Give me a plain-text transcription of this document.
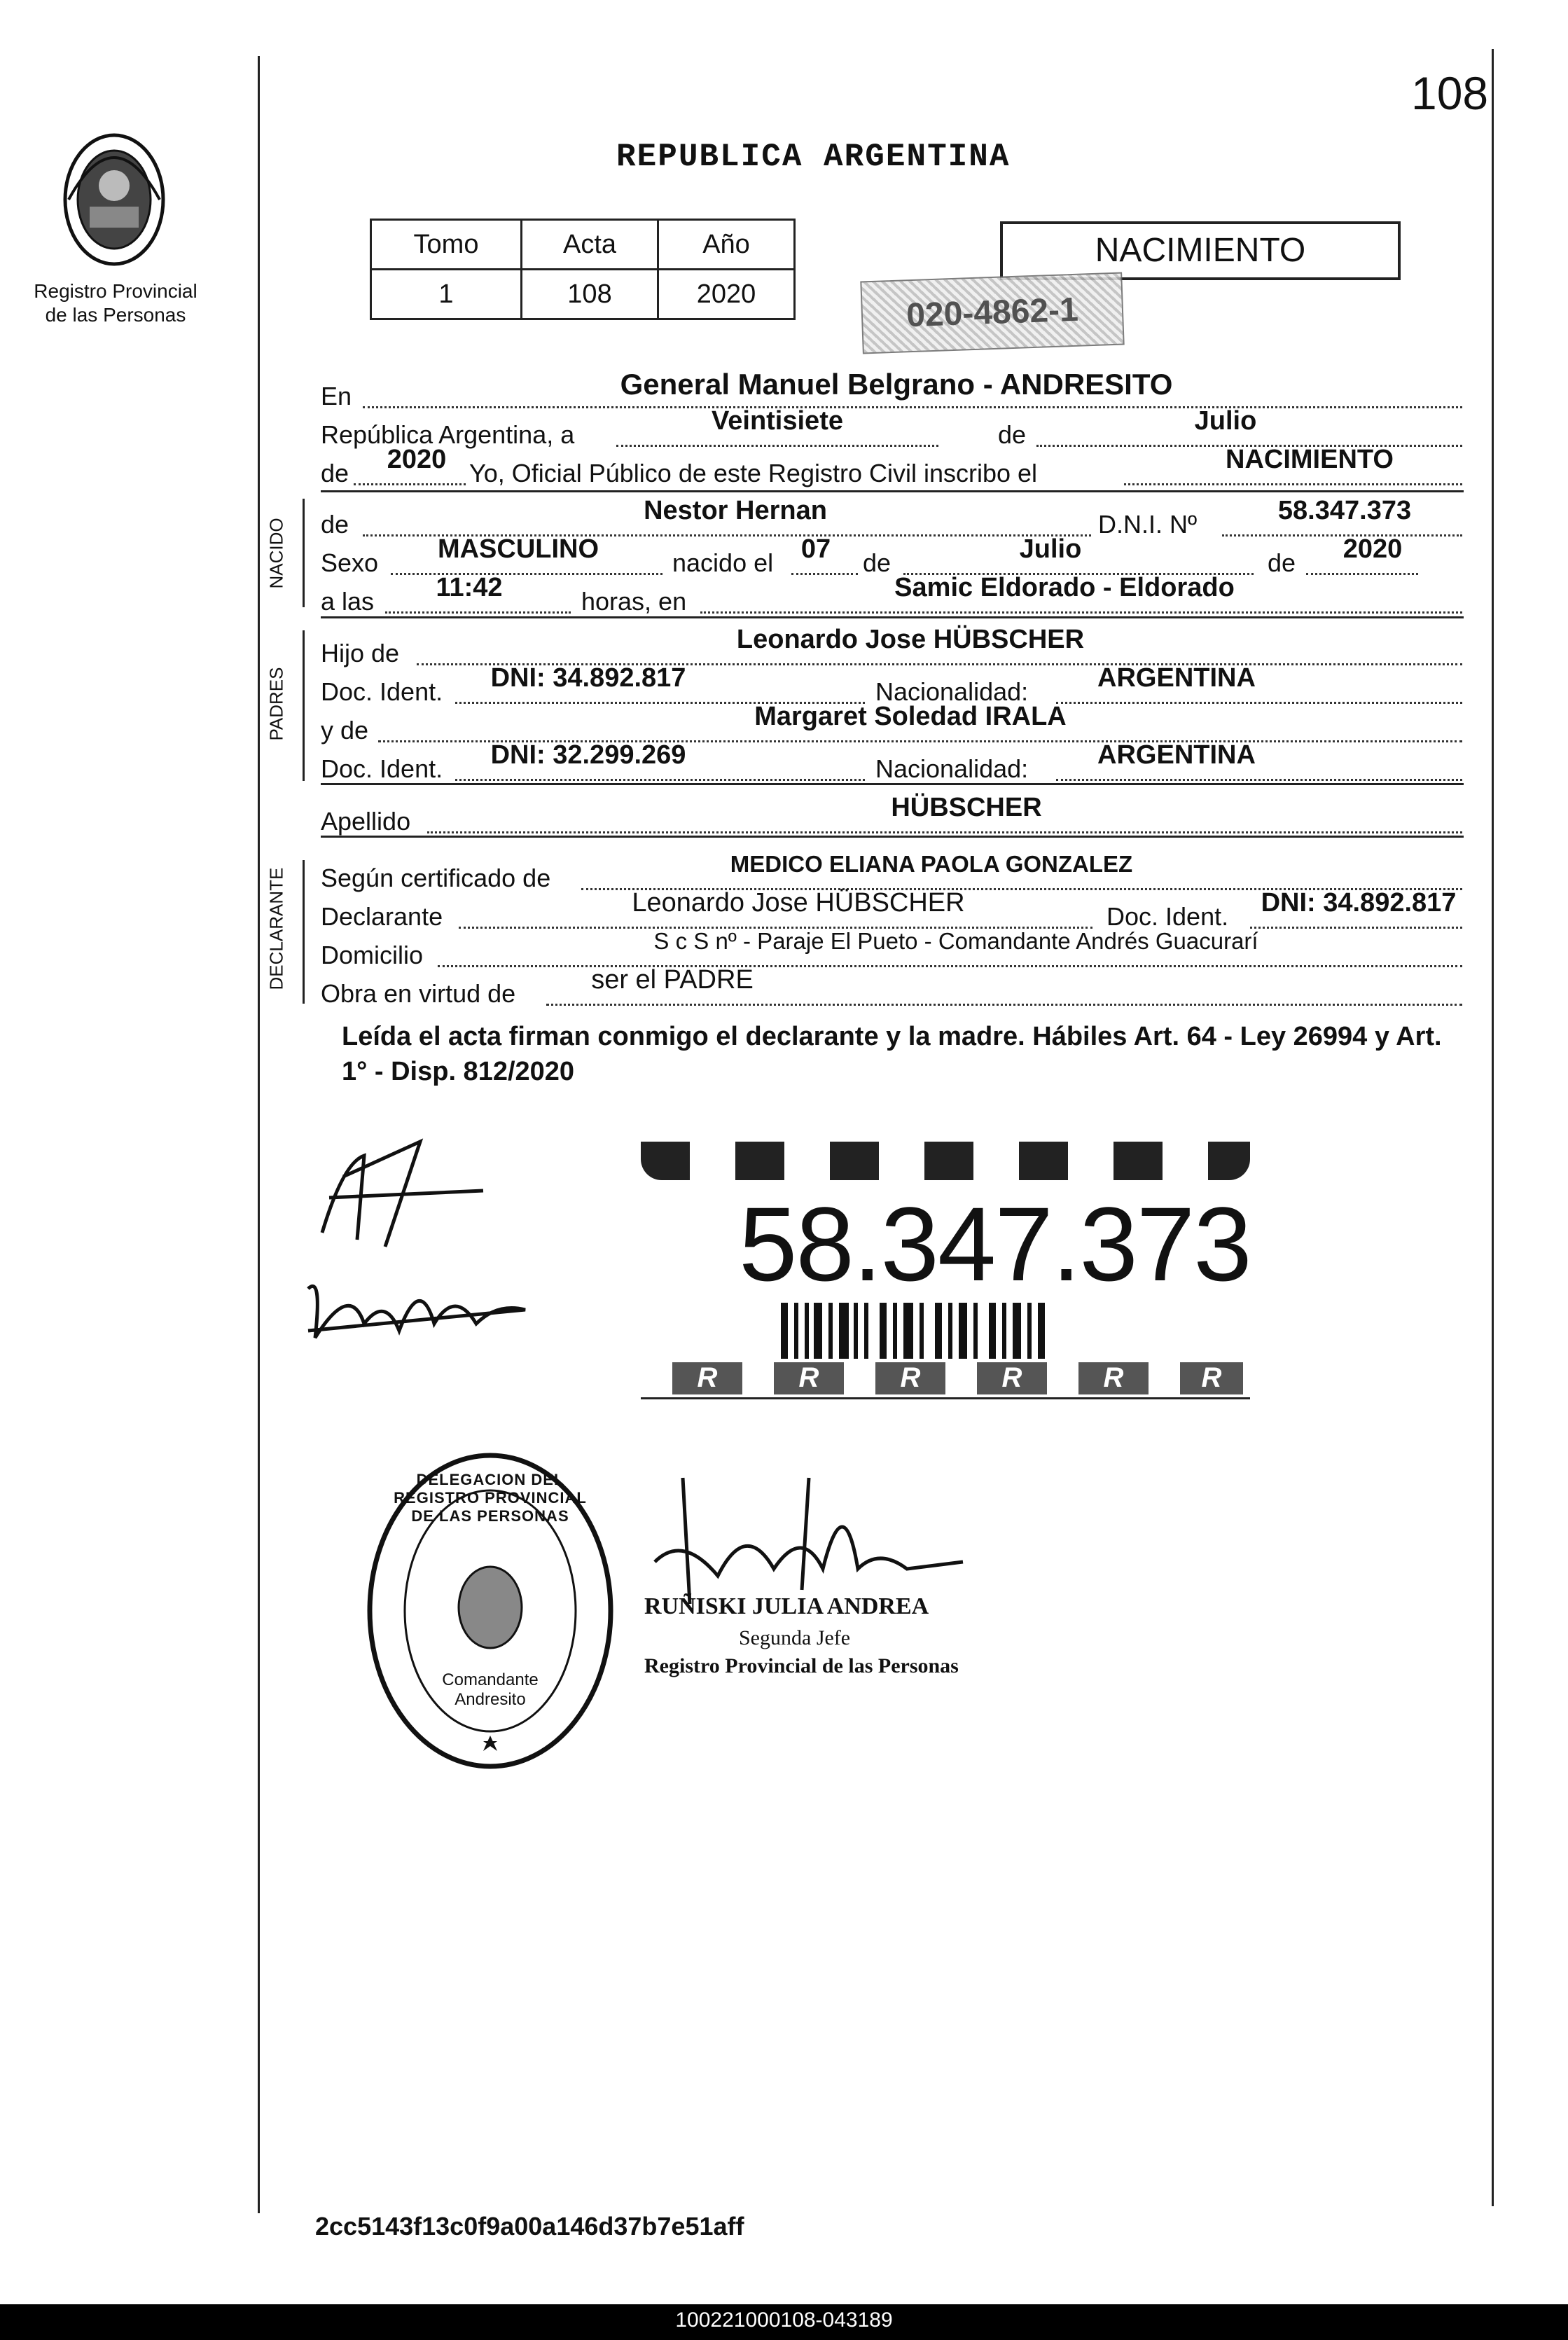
108
Registro Provincial
de las Personas
REPUBLICA ARGENTINA
Tomo	Acta	Año
1	108	2020
NACIMIENTO
020-4862-1
En	General Manuel Belgrano - ANDRESITO
República Argentina, a	Veintisiete	de	Julio
de	2020 Yo, Oficial Público de este Registro Civil inscribo el	NACIMIENTO
NACIDO de	Nestor Hernan	D.N.I. Nº	58.347.373
Sexo	MASCULINO	nacido el	07	de	Julio	de	2020
a las	11:42	horas, en	Samic Eldorado - Eldorado
PADRES
Hijo de	Leonardo Jose HÜBSCHER
Doc. Ident.	DNI: 34.892.817	Nacionalidad:	ARGENTINA
y de	Margaret Soledad IRALA
Doc. Ident.	DNI: 32.299.269	Nacionalidad:	ARGENTINA
Apellido	HÜBSCHER
DECLARANTE Según certificado de	MEDICO ELIANA PAOLA GONZALEZ
Declarante	Leonardo Jose HÜBSCHER	Doc. Ident. DNI: 34.892.817
Domicilio	S c S nº - Paraje El Pueto - Comandante Andrés Guacurarí
Obra en virtud de	ser el PADRE
Leída el acta firman conmigo el declarante y la madre. Hábiles Art. 64 - Ley 26994 y Art. 1° - Disp. 812/2020
58.347.373
R	R	R	R	R	R
DELEGACION DEL REGISTRO PROVINCIAL DE LAS PERSONAS
Comandante Andresito
RUÑISKI JULIA ANDREA
Segunda Jefe
Registro Provincial de las Personas
2cc5143f13c0f9a00a146d37b7e51aff
100221000108-043189
